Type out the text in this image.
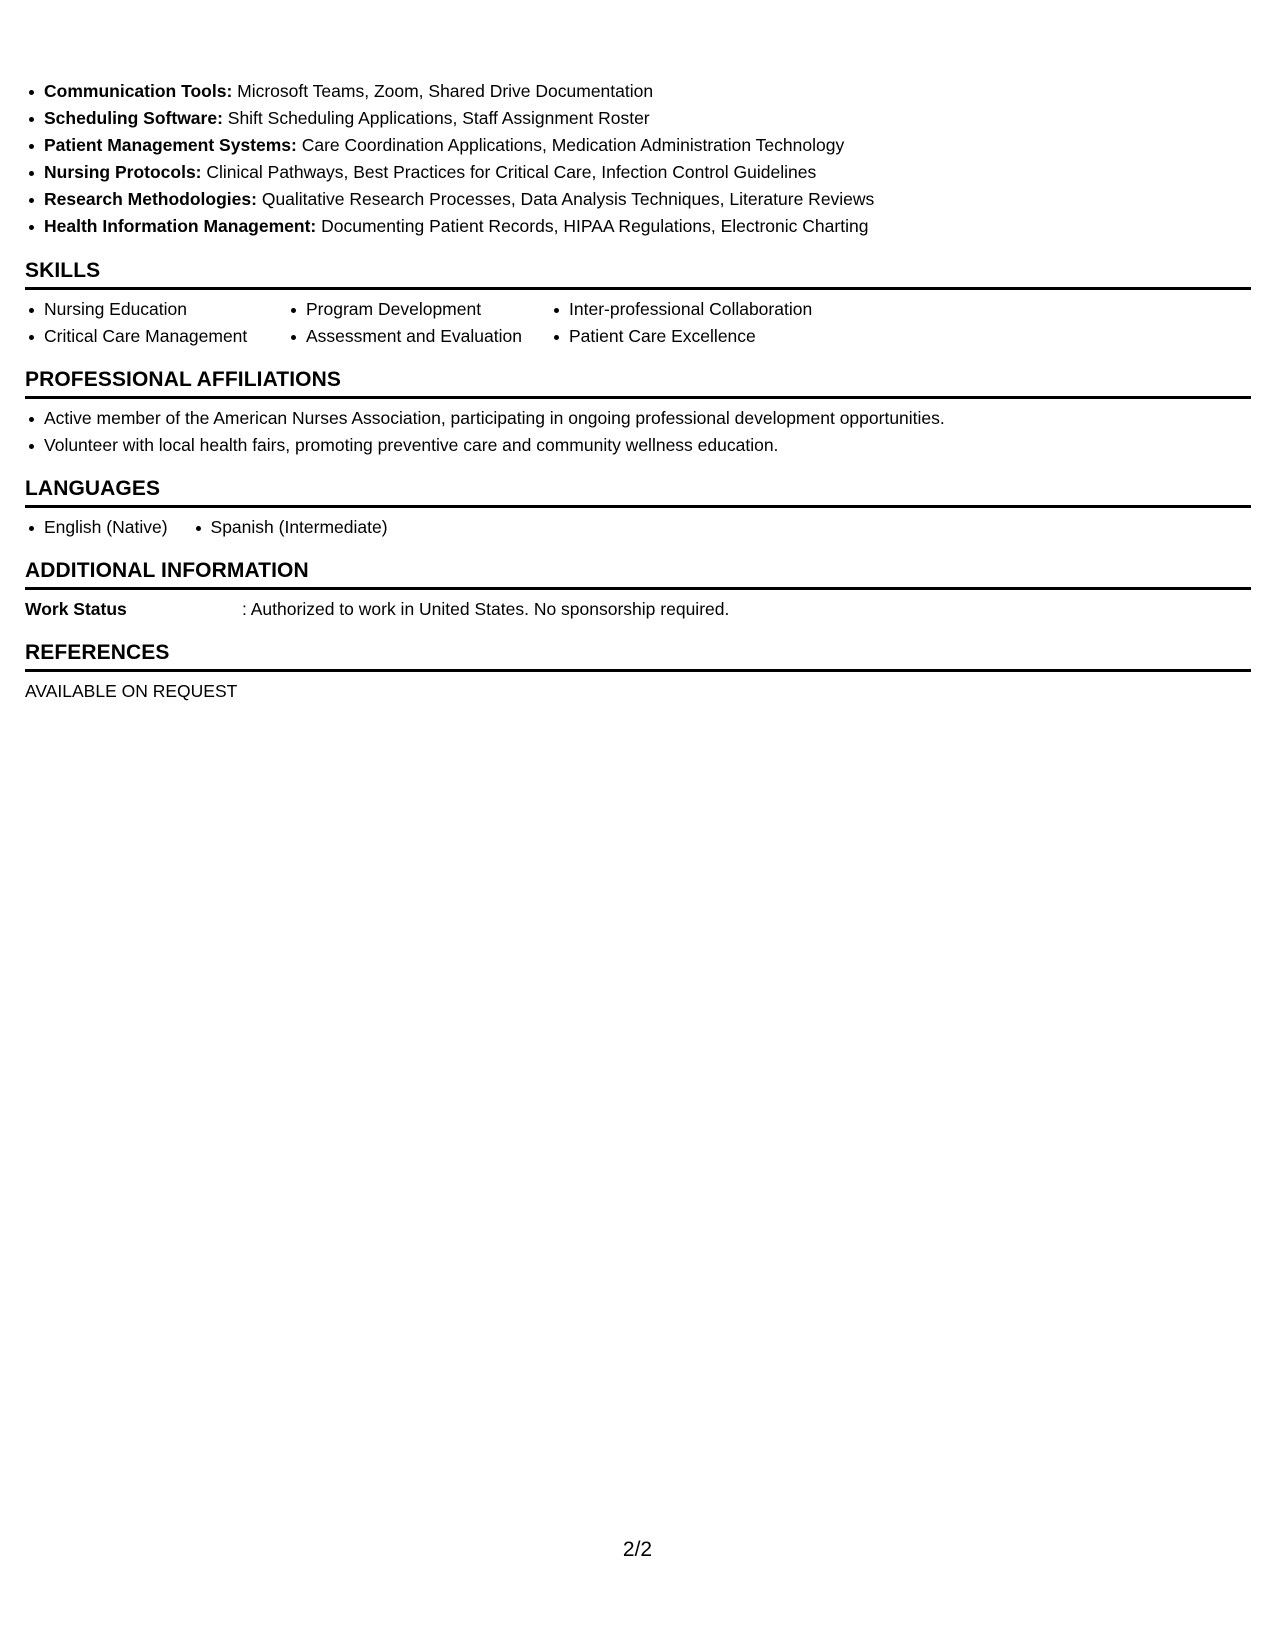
Communication Tools: Microsoft Teams, Zoom, Shared Drive Documentation
Scheduling Software: Shift Scheduling Applications, Staff Assignment Roster
Patient Management Systems: Care Coordination Applications, Medication Administration Technology
Nursing Protocols: Clinical Pathways, Best Practices for Critical Care, Infection Control Guidelines
Research Methodologies: Qualitative Research Processes, Data Analysis Techniques, Literature Reviews
Health Information Management: Documenting Patient Records, HIPAA Regulations, Electronic Charting
SKILLS
Nursing Education	Program Development	Inter-professional Collaboration
Critical Care Management	Assessment and Evaluation	Patient Care Excellence
PROFESSIONAL AFFILIATIONS
Active member of the American Nurses Association, participating in ongoing professional development opportunities.
Volunteer with local health fairs, promoting preventive care and community wellness education.
LANGUAGES
English (Native)	Spanish (Intermediate)
ADDITIONAL INFORMATION
Work Status	: Authorized to work in United States. No sponsorship required.
REFERENCES
AVAILABLE ON REQUEST
2/2
